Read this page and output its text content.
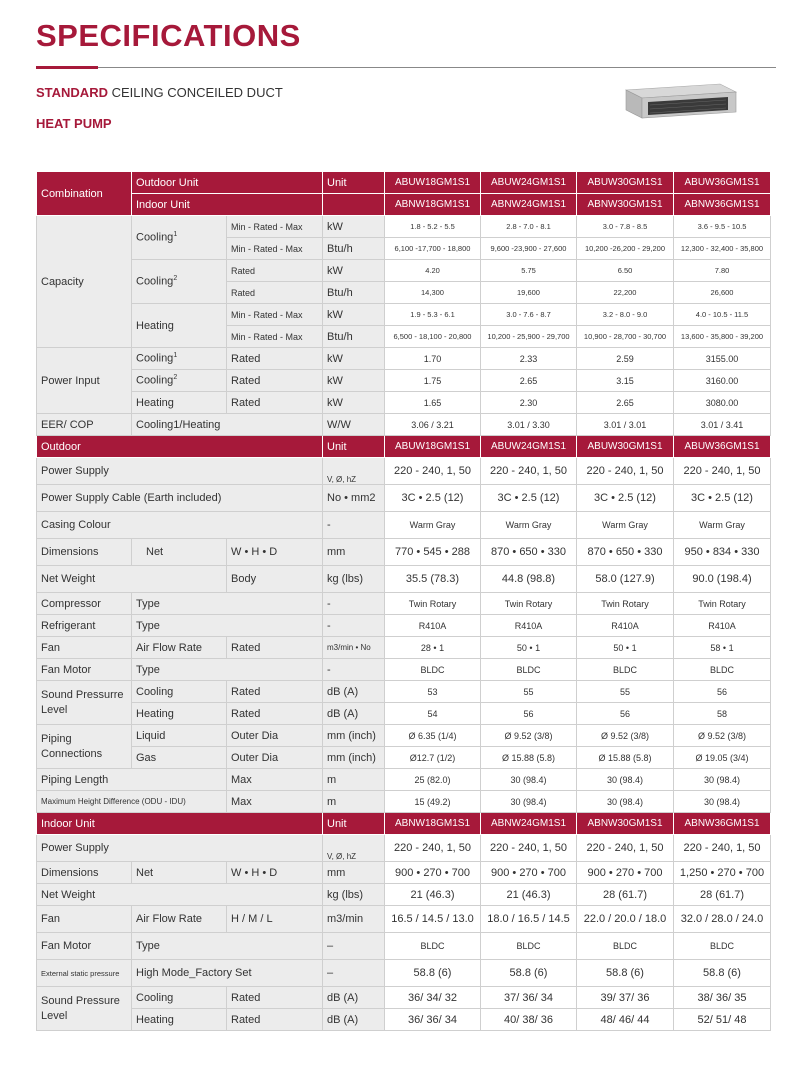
SPECIFICATIONS
STANDARD CEILING CONCEILED DUCT
HEAT PUMP
Combination	Outdoor Unit		Unit	ABUW18GM1S1	ABUW24GM1S1	ABUW30GM1S1	ABUW36GM1S1
	Indoor Unit			ABNW18GM1S1	ABNW24GM1S1	ABNW30GM1S1	ABNW36GM1S1
Capacity	Cooling$^1$	Min - Rated - Max	kW	1.8 - 5.2 - 5.5	2.8 - 7.0 - 8.1	3.0 - 7.8 - 8.5	3.6 - 9.5 - 10.5
		Min - Rated - Max	Btu/h	6,100 -17,700 - 18,800	9,600 -23,900 - 27,600	10,200 -26,200 - 29,200	12,300 - 32,400 - 35,800
	Cooling$^2$	Rated	kW	4.20	5.75	6.50	7.80
		Rated	Btu/h	14,300	19,600	22,200	26,600
	Heating	Min - Rated - Max	kW	1.9 - 5.3 - 6.1	3.0 - 7.6 - 8.7	3.2 - 8.0 - 9.0	4.0 - 10.5 - 11.5
		Min - Rated - Max	Btu/h	6,500 - 18,100 - 20,800	10,200 - 25,900 - 29,700	10,900 - 28,700 - 30,700	13,600 - 35,800 - 39,200
Power Input	Cooling$^1$	Rated	kW	1.70	2.33	2.59	3155.00
	Cooling$^2$	Rated	kW	1.75	2.65	3.15	3160.00
	Heating	Rated	kW	1.65	2.30	2.65	3080.00
EER/ COP	Cooling1/Heating		W/W	3.06 / 3.21	3.01 / 3.30	3.01 / 3.01	3.01 / 3.41
Outdoor			Unit	ABUW18GM1S1	ABUW24GM1S1	ABUW30GM1S1	ABUW36GM1S1
Power Supply			V, Ø, hZ	220 - 240, 1, 50	220 - 240, 1, 50	220 - 240, 1, 50	220 - 240, 1, 50
Power Supply Cable (Earth included)			No • mm2	3C • 2.5 (12)	3C • 2.5 (12)	3C • 2.5 (12)	3C • 2.5 (12)
Casing Colour			-	Warm Gray	Warm Gray	Warm Gray	Warm Gray
Dimensions	Net	W • H • D	mm	770 • 545 • 288	870 • 650 • 330	870 • 650 • 330	950 • 834 • 330
Net Weight		Body	kg (lbs)	35.5 (78.3)	44.8 (98.8)	58.0 (127.9)	90.0 (198.4)
Compressor	Type		-	Twin Rotary	Twin Rotary	Twin Rotary	Twin Rotary
Refrigerant	Type		-	R410A	R410A	R410A	R410A
Fan	Air Flow Rate	Rated	m3/min • No	28 • 1	50 • 1	50 • 1	58 • 1
Fan Motor	Type		-	BLDC	BLDC	BLDC	BLDC
Sound Pressurre Level	Cooling	Rated	dB (A)	53	55	55	56
	Heating	Rated	dB (A)	54	56	56	58
Piping Connections	Liquid	Outer Dia	mm (inch)	Ø 6.35 (1/4)	Ø 9.52 (3/8)	Ø 9.52 (3/8)	Ø 9.52 (3/8)
	Gas	Outer Dia	mm (inch)	Ø12.7 (1/2)	Ø 15.88 (5.8)	Ø 15.88 (5.8)	Ø 19.05 (3/4)
Piping Length		Max	m	25 (82.0)	30 (98.4)	30 (98.4)	30 (98.4)
Maximum Height Difference (ODU - IDU)		Max	m	15 (49.2)	30 (98.4)	30 (98.4)	30 (98.4)
Indoor Unit			Unit	ABNW18GM1S1	ABNW24GM1S1	ABNW30GM1S1	ABNW36GM1S1
Power Supply			V, Ø, hZ	220 - 240, 1, 50	220 - 240, 1, 50	220 - 240, 1, 50	220 - 240, 1, 50
Dimensions	Net	W • H • D	mm	900 • 270 • 700	900 • 270 • 700	900 • 270 • 700	1,250 • 270 • 700
Net Weight			kg (lbs)	21 (46.3)	21 (46.3)	28 (61.7)	28 (61.7)
Fan	Air Flow Rate	H / M / L	m3/min	16.5 / 14.5 / 13.0	18.0 / 16.5 / 14.5	22.0 / 20.0 / 18.0	32.0 / 28.0 / 24.0
Fan Motor	Type		–	BLDC	BLDC	BLDC	BLDC
External static pressure	High Mode_Factory Set		–	58.8 (6)	58.8 (6)	58.8 (6)	58.8 (6)
Sound Pressure Level	Cooling	Rated	dB (A)	36/ 34/ 32	37/ 36/ 34	39/ 37/ 36	38/ 36/ 35
	Heating	Rated	dB (A)	36/ 36/ 34	40/ 38/ 36	48/ 46/ 44	52/ 51/ 48
